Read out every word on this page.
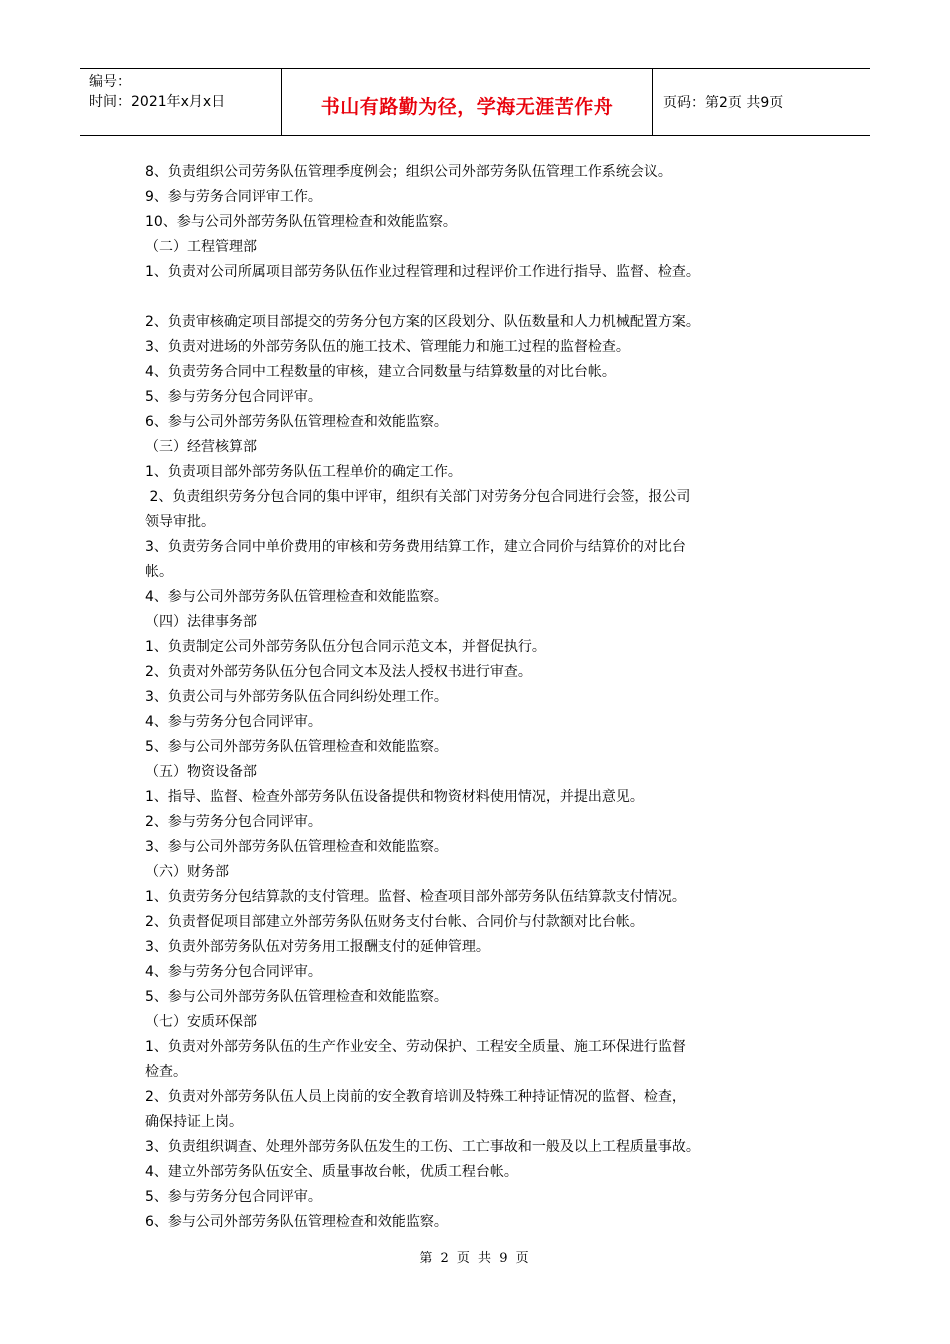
编号：
时间：2021年x月x日	书山有路勤为径，学海无涯苦作舟	页码：第2页 共9页
8、负责组织公司劳务队伍管理季度例会；组织公司外部劳务队伍管理工作系统会议。
9、参与劳务合同评审工作。
10、参与公司外部劳务队伍管理检查和效能监察。
（二）工程管理部
1、负责对公司所属项目部劳务队伍作业过程管理和过程评价工作进行指导、监督、检查。
2、负责审核确定项目部提交的劳务分包方案的区段划分、队伍数量和人力机械配置方案。
3、负责对进场的外部劳务队伍的施工技术、管理能力和施工过程的监督检查。
4、负责劳务合同中工程数量的审核，建立合同数量与结算数量的对比台帐。
5、参与劳务分包合同评审。
6、参与公司外部劳务队伍管理检查和效能监察。
（三）经营核算部
1、负责项目部外部劳务队伍工程单价的确定工作。
2、负责组织劳务分包合同的集中评审，组织有关部门对劳务分包合同进行会签，报公司
领导审批。
3、负责劳务合同中单价费用的审核和劳务费用结算工作，建立合同价与结算价的对比台
帐。
4、参与公司外部劳务队伍管理检查和效能监察。
（四）法律事务部
1、负责制定公司外部劳务队伍分包合同示范文本，并督促执行。
2、负责对外部劳务队伍分包合同文本及法人授权书进行审查。
3、负责公司与外部劳务队伍合同纠纷处理工作。
4、参与劳务分包合同评审。
5、参与公司外部劳务队伍管理检查和效能监察。
（五）物资设备部
1、指导、监督、检查外部劳务队伍设备提供和物资材料使用情况，并提出意见。
2、参与劳务分包合同评审。
3、参与公司外部劳务队伍管理检查和效能监察。
（六）财务部
1、负责劳务分包结算款的支付管理。监督、检查项目部外部劳务队伍结算款支付情况。
2、负责督促项目部建立外部劳务队伍财务支付台帐、合同价与付款额对比台帐。
3、负责外部劳务队伍对劳务用工报酬支付的延伸管理。
4、参与劳务分包合同评审。
5、参与公司外部劳务队伍管理检查和效能监察。
（七）安质环保部
1、负责对外部劳务队伍的生产作业安全、劳动保护、工程安全质量、施工环保进行监督
检查。
2、负责对外部劳务队伍人员上岗前的安全教育培训及特殊工种持证情况的监督、检查，
确保持证上岗。
3、负责组织调查、处理外部劳务队伍发生的工伤、工亡事故和一般及以上工程质量事故。
4、建立外部劳务队伍安全、质量事故台帐，优质工程台帐。
5、参与劳务分包合同评审。
6、参与公司外部劳务队伍管理检查和效能监察。
第 2 页 共 9 页
